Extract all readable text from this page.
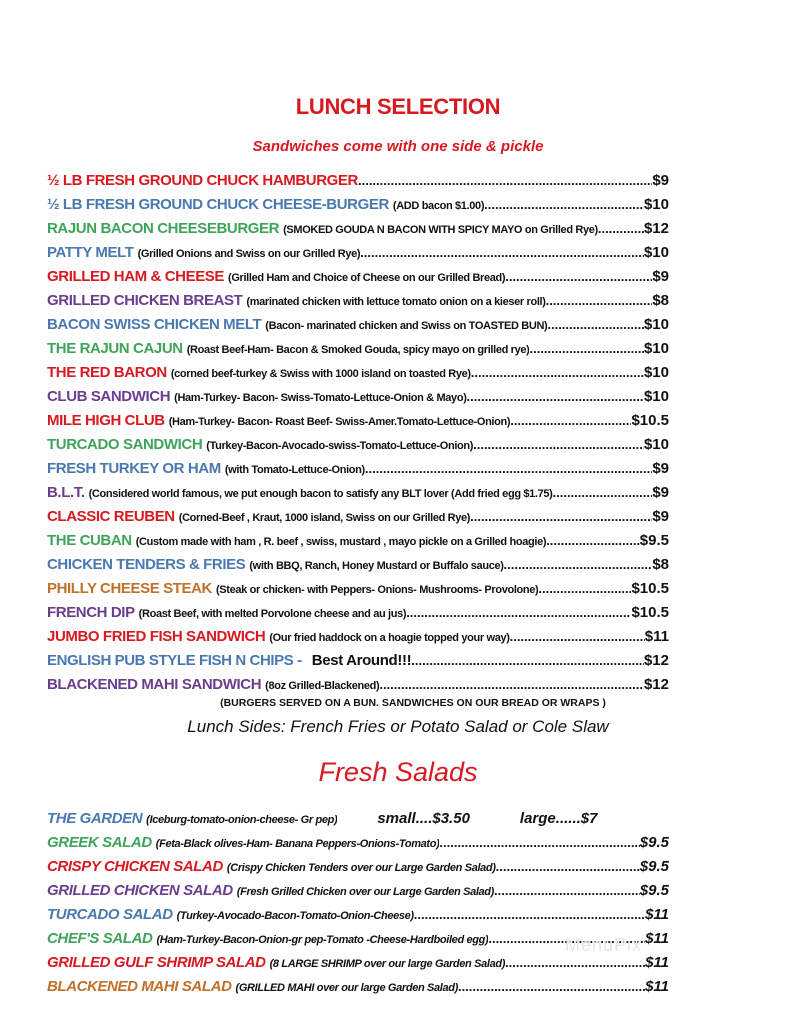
LUNCH SELECTION
Sandwiches come with one side & pickle
½ LB FRESH GROUND CHUCK HAMBURGER .....	$9
½ LB FRESH GROUND CHUCK CHEESE-BURGER (ADD bacon $1.00) .....	$10
RAJUN BACON CHEESEBURGER (SMOKED GOUDA N BACON WITH SPICY MAYO on Grilled Rye) .....	$12
PATTY MELT (Grilled Onions and Swiss on our Grilled Rye) .....	$10
GRILLED HAM & CHEESE (Grilled Ham and Choice of Cheese on our Grilled Bread) .....	$9
GRILLED CHICKEN BREAST (marinated chicken with lettuce tomato onion on a kieser roll) .....	$8
BACON SWISS CHICKEN MELT (Bacon- marinated chicken and Swiss on TOASTED BUN) .....	$10
THE RAJUN CAJUN (Roast Beef-Ham- Bacon & Smoked Gouda, spicy mayo on grilled rye) .....	$10
THE RED BARON (corned beef-turkey & Swiss with 1000 island on toasted Rye) .....	$10
CLUB SANDWICH (Ham-Turkey- Bacon- Swiss-Tomato-Lettuce-Onion & Mayo) .....	$10
MILE HIGH CLUB (Ham-Turkey- Bacon- Roast Beef- Swiss-Amer.Tomato-Lettuce-Onion) .....	$10.5
TURCADO SANDWICH (Turkey-Bacon-Avocado-swiss-Tomato-Lettuce-Onion) .....	$10
FRESH TURKEY OR HAM (with Tomato-Lettuce-Onion) .....	$9
B.L.T. (Considered world famous, we put enough bacon to satisfy any BLT lover (Add fried egg $1.75) .....	$9
CLASSIC REUBEN (Corned-Beef , Kraut, 1000 island, Swiss on our Grilled Rye) .....	$9
THE CUBAN (Custom made with ham , R. beef , swiss, mustard , mayo pickle on a Grilled hoagie) .....	$9.5
CHICKEN TENDERS & FRIES (with BBQ, Ranch, Honey Mustard or Buffalo sauce) .....	$8
PHILLY CHEESE STEAK (Steak or chicken- with Peppers- Onions- Mushrooms- Provolone) .....	$10.5
FRENCH DIP (Roast Beef, with melted Porvolone cheese and au jus) .....	$10.5
JUMBO FRIED FISH SANDWICH (Our fried haddock on a hoagie topped your way) .....	$11
ENGLISH PUB STYLE FISH N CHIPS - Best Around!!! .....	$12
BLACKENED MAHI SANDWICH (8oz Grilled-Blackened) .....	$12
(BURGERS SERVED ON A BUN. SANDWICHES ON OUR BREAD OR WRAPS )
Lunch Sides: French Fries or Potato Salad or Cole Slaw
Fresh Salads
THE GARDEN (Iceburg-tomato-onion-cheese- Gr pep)	small....$3.50	large......$7
GREEK SALAD (Feta-Black olives-Ham- Banana Peppers-Onions-Tomato) .....	$9.5
CRISPY CHICKEN SALAD (Crispy Chicken Tenders over our Large Garden Salad) .....	$9.5
GRILLED CHICKEN SALAD (Fresh Grilled Chicken over our Large Garden Salad) .....	$9.5
TURCADO SALAD (Turkey-Avocado-Bacon-Tomato-Onion-Cheese) .....	$11
CHEF'S SALAD (Ham-Turkey-Bacon-Onion-gr pep-Tomato -Cheese-Hardboiled egg) .....	$11
GRILLED GULF SHRIMP SALAD (8 LARGE SHRIMP over our large Garden Salad) .....	$11
BLACKENED MAHI SALAD (GRILLED MAHI over our large Garden Salad) .....	$11
MenuPix
